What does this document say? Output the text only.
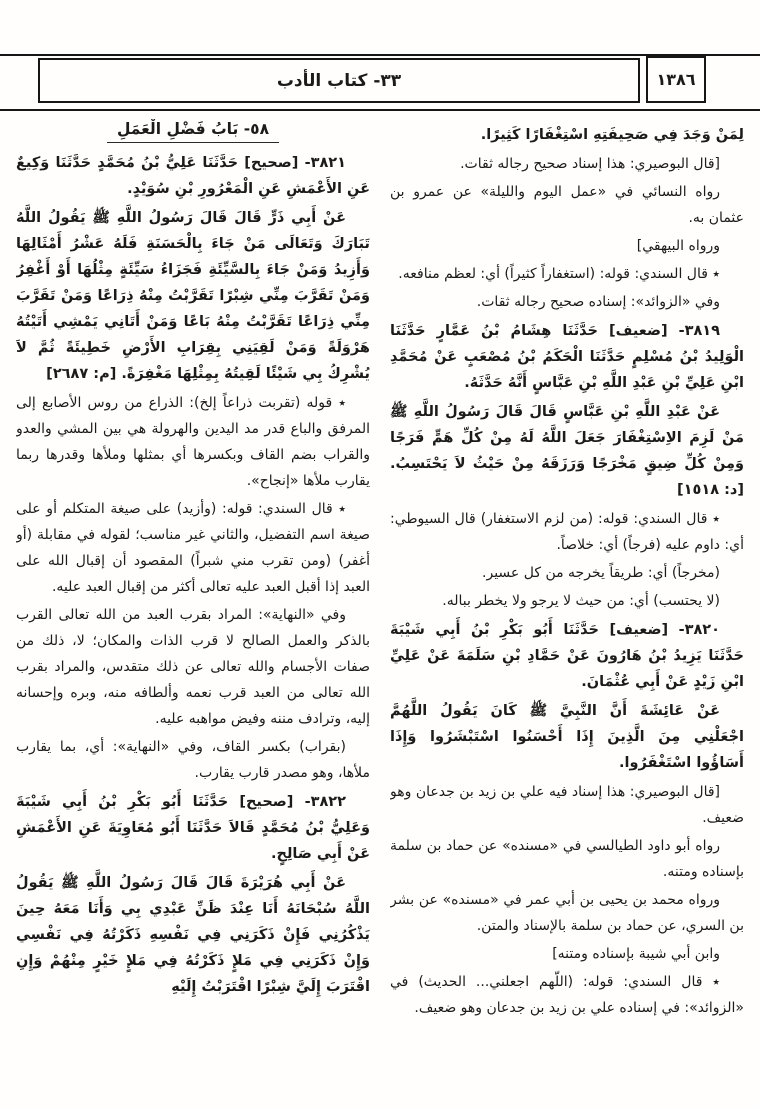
٣٣- كتاب الأدب	١٣٨٦

لِمَنْ وَجَدَ فِي صَحِيفَتِهِ اسْتِغْفَارًا كَثِيرًا.

[قال البوصيري: هذا إسناد صحيح رجاله ثقات.

رواه النسائي في «عمل اليوم والليلة» عن عمرو بن عثمان به.

ورواه البيهقي]

٭ قال السندي: قوله: (استغفاراً كثيراً) أي: لعظم منافعه.

وفي «الزوائد»: إسناده صحيح رجاله ثقات.

٣٨١٩- [ضعيف] حَدَّثَنَا هِشَامُ بْنُ عَمَّارٍ حَدَّثَنَا الْوَلِيدُ بْنُ مُسْلِمٍ حَدَّثَنَا الْحَكَمُ بْنُ مُصْعَبٍ عَنْ مُحَمَّدِ ابْنِ عَلِيِّ بْنِ عَبْدِ اللَّهِ بْنِ عَبَّاسٍ أَنَّهُ حَدَّثَهُ.

عَنْ عَبْدِ اللَّهِ بْنِ عَبَّاسٍ قَالَ قَالَ رَسُولُ اللَّهِ ﷺ مَنْ لَزِمَ الاِسْتِغْفَارَ جَعَلَ اللَّهُ لَهُ مِنْ كُلِّ هَمٍّ فَرَجًا وَمِنْ كُلِّ ضِيقٍ مَخْرَجًا وَرَزَقَهُ مِنْ حَيْثُ لاَ يَحْتَسِبُ. [د: ١٥١٨]

٭ قال السندي: قوله: (من لزم الاستغفار) قال السيوطي: أي: داوم عليه (فرجاً) أي: خلاصاً.

(مخرجاً) أي: طريقاً يخرجه من كل عسير.

(لا يحتسب) أي: من حيث لا يرجو ولا يخطر بباله.

٣٨٢٠- [ضعيف] حَدَّثَنَا أَبُو بَكْرِ بْنُ أَبِي شَيْبَةَ حَدَّثَنَا يَزِيدُ بْنُ هَارُونَ عَنْ حَمَّادِ بْنِ سَلَمَةَ عَنْ عَلِيِّ ابْنِ زَيْدٍ عَنْ أَبِي عُثْمَانَ.

عَنْ عَائِشَةَ أَنَّ النَّبِيَّ ﷺ كَانَ يَقُولُ اللَّهُمَّ اجْعَلْنِي مِنَ الَّذِينَ إِذَا أَحْسَنُوا اسْتَبْشَرُوا وَإِذَا أَسَاؤُوا اسْتَغْفَرُوا.

[قال البوصيري: هذا إسناد فيه علي بن زيد بن جدعان وهو ضعيف.

رواه أبو داود الطيالسي في «مسنده» عن حماد بن سلمة بإسناده ومتنه.

ورواه محمد بن يحيى بن أبي عمر في «مسنده» عن بشر بن السري، عن حماد بن سلمة بالإسناد والمتن.

وابن أبي شيبة بإسناده ومتنه]

٭ قال السندي: قوله: (اللّهم اجعلني... الحديث) في «الزوائد»: في إسناده علي بن زيد بن جدعان وهو ضعيف.

٥٨- بَابُ فَضْلِ الْعَمَلِ

٣٨٢١- [صحيح] حَدَّثَنَا عَلِيُّ بْنُ مُحَمَّدٍ حَدَّثَنَا وَكِيعٌ عَنِ الأَعْمَشِ عَنِ الْمَعْرُورِ بْنِ سُوَيْدٍ.

عَنْ أَبِي ذَرٍّ قَالَ قَالَ رَسُولُ اللَّهِ ﷺ يَقُولُ اللَّهُ تَبَارَكَ وَتَعَالَى مَنْ جَاءَ بِالْحَسَنَةِ فَلَهُ عَشْرُ أَمْثَالِهَا وَأَزِيدُ وَمَنْ جَاءَ بِالسَّيِّئَةِ فَجَزَاءُ سَيِّئَةٍ مِثْلُهَا أَوْ أَغْفِرُ وَمَنْ تَقَرَّبَ مِنِّي شِبْرًا تَقَرَّبْتُ مِنْهُ ذِرَاعًا وَمَنْ تَقَرَّبَ مِنِّي ذِرَاعًا تَقَرَّبْتُ مِنْهُ بَاعًا وَمَنْ أَتَانِي يَمْشِي أَتَيْتُهُ هَرْوَلَةً وَمَنْ لَقِيَنِي بِقِرَابِ الأَرْضِ خَطِيئَةً ثُمَّ لاَ يُشْرِكُ بِي شَيْئًا لَقِيتُهُ بِمِثْلِهَا مَغْفِرَةً. [م: ٢٦٨٧]

٭ قوله (تقربت ذراعاً إلخ): الذراع من روس الأصابع إلى المرفق والباع قدر مد اليدين والهرولة هي بين المشي والعدو والقراب بضم القاف وبكسرها أي بمثلها وملأها وقدرها ربما يقارب ملأها «إنجاح».

٭ قال السندي: قوله: (وأزيد) على صيغة المتكلم أو على صيغة اسم التفضيل، والثاني غير مناسب؛ لقوله في مقابلة (أو أغفر) (ومن تقرب مني شبراً) المقصود أن إقبال الله على العبد إذا أقبل العبد عليه تعالى أكثر من إقبال العبد عليه.

وفي «النهاية»: المراد بقرب العبد من الله تعالى القرب بالذكر والعمل الصالح لا قرب الذات والمكان؛ لا، ذلك من صفات الأجسام والله تعالى عن ذلك متقدس، والمراد بقرب الله تعالى من العبد قرب نعمه وألطافه منه، وبره وإحسانه إليه، وترادف مننه وفيض مواهبه عليه.

(بقراب) بكسر القاف، وفي «النهاية»: أي، بما يقارب ملأها، وهو مصدر قارب يقارب.

٣٨٢٢- [صحيح] حَدَّثَنَا أَبُو بَكْرِ بْنُ أَبِي شَيْبَةَ وَعَلِيُّ بْنُ مُحَمَّدٍ قَالاَ حَدَّثَنَا أَبُو مُعَاوِيَةَ عَنِ الأَعْمَشِ عَنْ أَبِي صَالِحٍ.

عَنْ أَبِي هُرَيْرَةَ قَالَ قَالَ رَسُولُ اللَّهِ ﷺ يَقُولُ اللَّهُ سُبْحَانَهُ أَنَا عِنْدَ ظَنِّ عَبْدِي بِي وَأَنَا مَعَهُ حِينَ يَذْكُرُنِي فَإِنْ ذَكَرَنِي فِي نَفْسِهِ ذَكَرْتُهُ فِي نَفْسِي وَإِنْ ذَكَرَنِي فِي مَلإٍ ذَكَرْتُهُ فِي مَلإٍ خَيْرٍ مِنْهُمْ وَإِنِ اقْتَرَبَ إِلَيَّ شِبْرًا اقْتَرَبْتُ إِلَيْهِ
